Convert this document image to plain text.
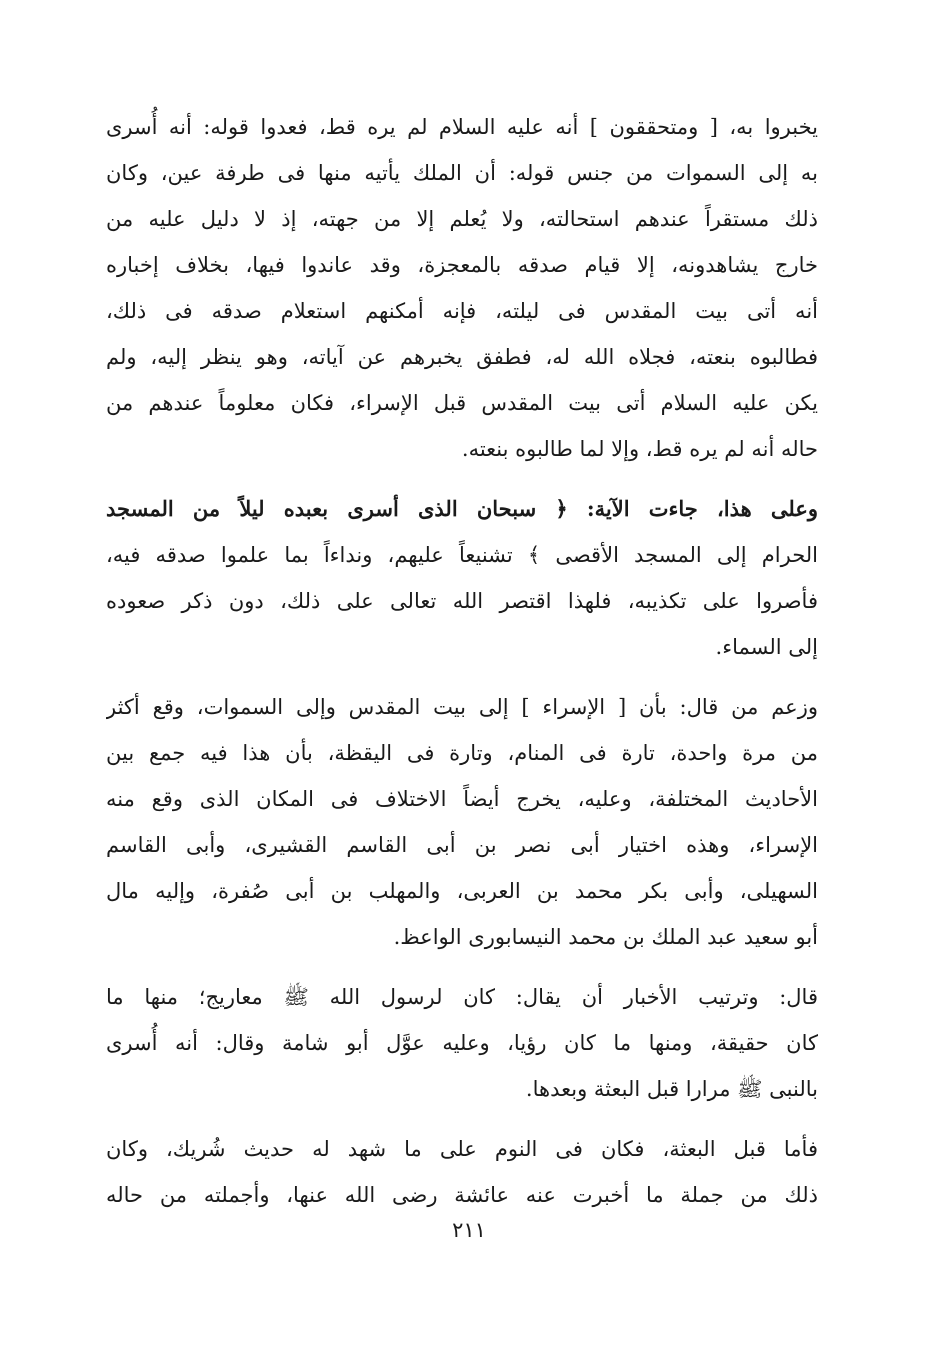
يخبروا به، [ ومتحققون ] أنه عليه السلام لم يره قط، فعدوا قوله: أنه أُسرى
به إلى السموات من جنس قوله: أن الملك يأتيه منها فى طرفة عين، وكان
ذلك مستقراً عندهم استحالته، ولا يُعلم إلا من جهته، إذ لا دليل عليه من
خارج يشاهدونه، إلا قيام صدقه بالمعجزة، وقد عاندوا فيها، بخلاف إخباره
أنه أتى بيت المقدس فى ليلته، فإنه أمكنهم استعلام صدقه فى ذلك،
فطالبوه بنعته، فجلاه الله له، فطفق يخبرهم عن آياته، وهو ينظر إليه، ولم
يكن عليه السلام أتى بيت المقدس قبل الإسراء، فكان معلوماً عندهم من
حاله أنه لم يره قط، وإلا لما طالبوه بنعته.

وعلى هذا، جاءت الآية: ﴿ سبحان الذى أسرى بعبده ليلاً من المسجد
الحرام إلى المسجد الأقصى ﴾ تشنيعاً عليهم، ونداءاً بما علموا صدقه فيه،
فأصروا على تكذيبه، فلهذا اقتصر الله تعالى على ذلك، دون ذكر صعوده
إلى السماء.

وزعم من قال: بأن [ الإسراء ] إلى بيت المقدس وإلى السموات، وقع أكثر
من مرة واحدة، تارة فى المنام، وتارة فى اليقظة، بأن هذا فيه جمع بين
الأحاديث المختلفة، وعليه، يخرج أيضاً الاختلاف فى المكان الذى وقع منه
الإسراء، وهذه اختيار أبى نصر بن أبى القاسم القشيرى، وأبى القاسم
السهيلى، وأبى بكر محمد بن العربى، والمهلب بن أبى صُفرة، وإليه مال
أبو سعيد عبد الملك بن محمد النيسابورى الواعظ.

قال: وترتيب الأخبار أن يقال: كان لرسول الله ﷺ معاريج؛ منها ما
كان حقيقة، ومنها ما كان رؤيا، وعليه عوَّل أبو شامة وقال: أنه أُسرى
بالنبى ﷺ مرارا قبل البعثة وبعدها.

فأما قبل البعثة، فكان فى النوم على ما شهد له حديث شُريك، وكان
ذلك من جملة ما أخبرت عنه عائشة رضى الله عنها، وأجملته من حاله

٢١١
